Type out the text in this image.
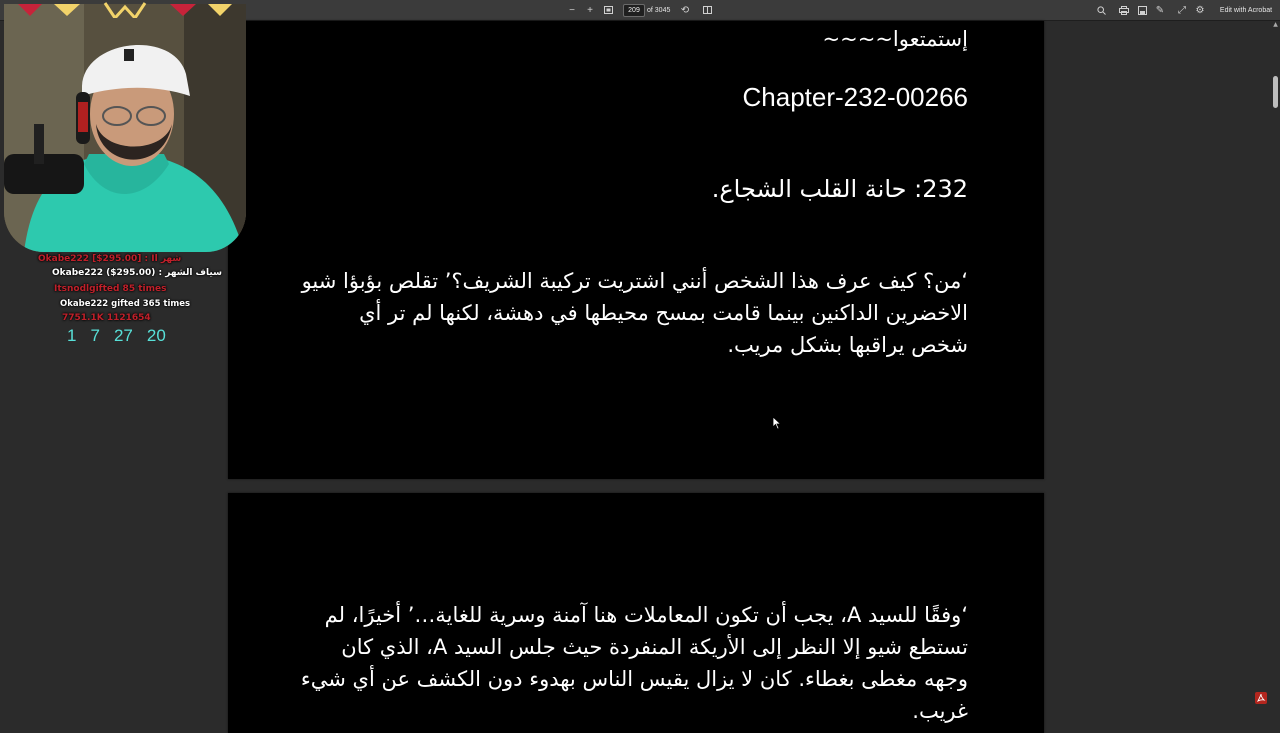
−	+
209	of 3045	⟲	✎	⤢ ⚙	Edit with Acrobat

إستمتعوا~~~~

Chapter-232-00266

232: حانة القلب الشجاع.

‘من؟ كيف عرف هذا الشخص أنني اشتريت تركيبة الشريف؟’ تقلص بؤبؤا شيو الاخضرين الداكنين بينما قامت بمسح محيطها في دهشة، لكنها لم تر أي شخص يراقبها بشكل مريب.

‘وفقًا للسيد A، يجب أن تكون المعاملات هنا آمنة وسرية للغاية…’ أخيرًا، لم تستطع شيو إلا النظر إلى الأريكة المنفردة حيث جلس السيد A، الذي كان وجهه مغطى بغطاء. كان لا يزال يقيس الناس بهدوء دون الكشف عن أي شيء غريب.

▲
Okabe222 [$295.00] : Il شهر
Okabe222 ($295.00) : سياف الشهر
Itsnodlgifted 85 times
Okabe222 gifted 365 times
7751.1K 1121654
1 7 27 20
